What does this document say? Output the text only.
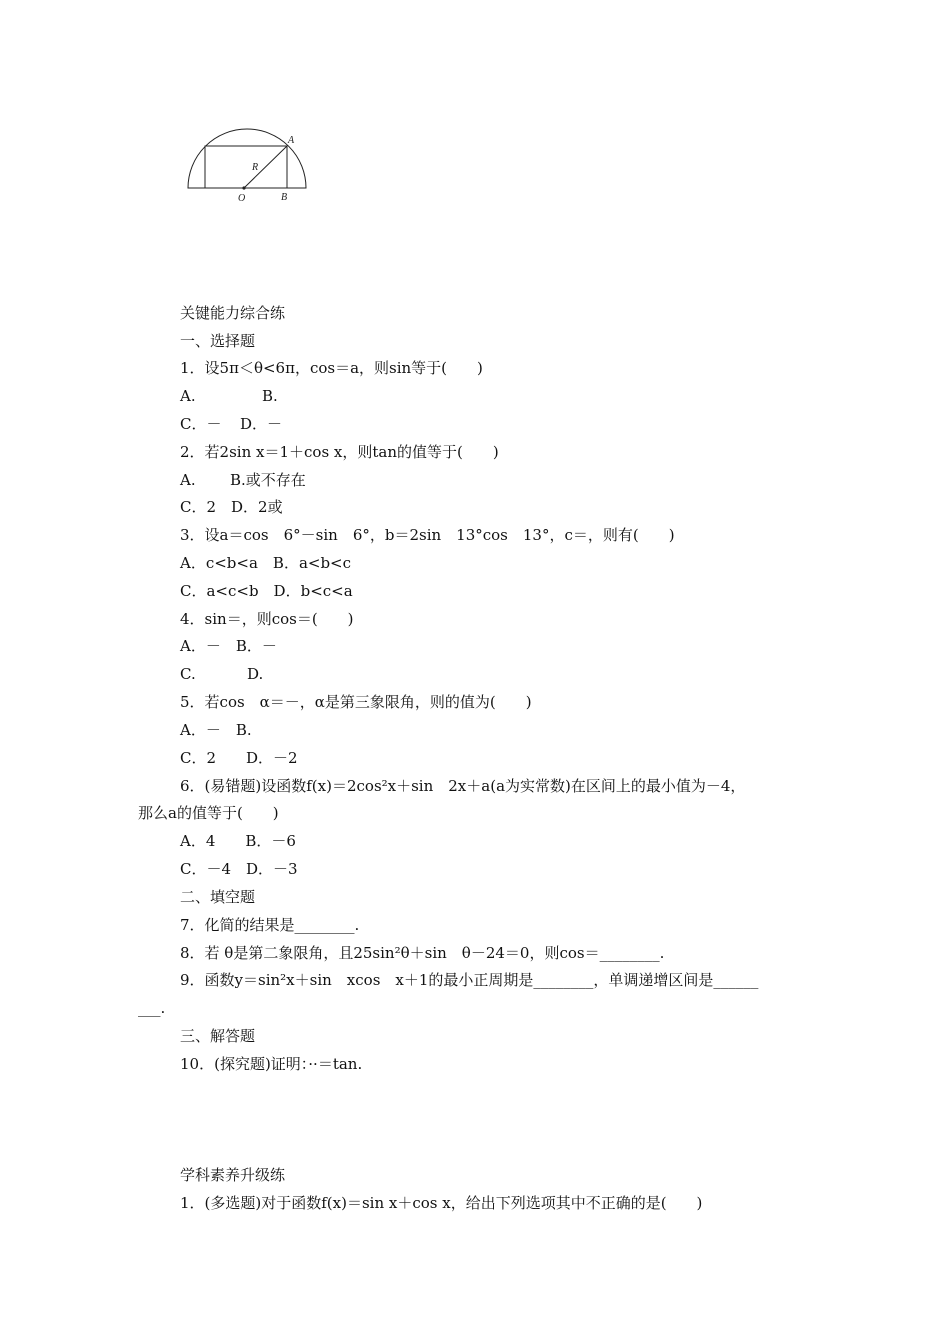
A
R
O	B
关键能力综合练
一、选择题
1．设5π＜θ<6π，cos＝a，则sin等于(　　)
A.	B.
C．－ D．－
2．若2sin x＝1＋cos x，则tan的值等于(　　)
A. B.或不存在
C．2　D．2或
3．设a＝cos　6°－sin　6°，b＝2sin　13°cos　13°，c＝，则有(　　)
A．c<b<a　B．a<b<c
C．a<c<b　D．b<c<a
4．sin＝，则cos＝(　　)
A．－　B．－
C.	D.
5．若cos　α＝－，α是第三象限角，则的值为(　　)
A．－　B.
C．2　　D．－2
6．(易错题)设函数f(x)＝2cos²x＋sin　2x＋a(a为实常数)在区间上的最小值为－4，
那么a的值等于(　　)
A．4　　B．－6
C．－4　D．－3
二、填空题
7．化简的结果是________.
8．若 θ是第二象限角，且25sin²θ＋sin　θ－24＝0，则cos＝________.
9．函数y＝sin²x＋sin　xcos　x＋1的最小正周期是________，单调递增区间是______
___.
三、解答题
10．(探究题)证明：··＝tan.
学科素养升级练
1．(多选题)对于函数f(x)＝sin x＋cos x，给出下列选项其中不正确的是(　　)
